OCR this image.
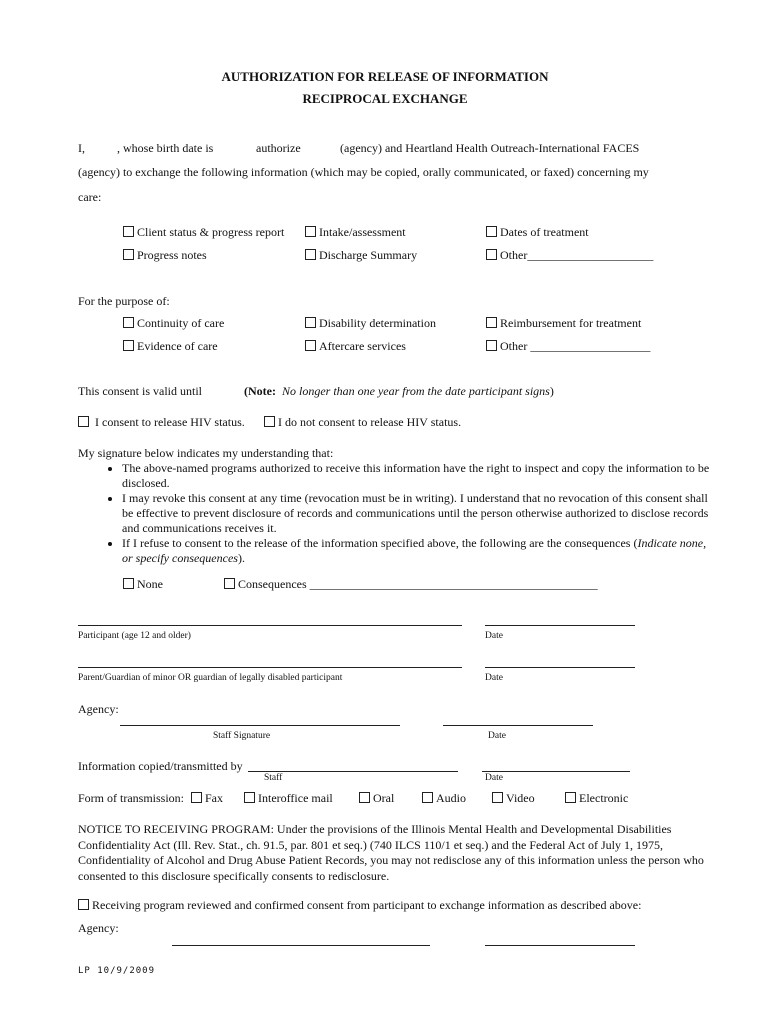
AUTHORIZATION FOR RELEASE OF INFORMATION
RECIPROCAL EXCHANGE
I,	, whose birth date is	authorize	(agency) and Heartland Health Outreach-International FACES
(agency) to exchange the following information (which may be copied, orally communicated, or faxed) concerning my
care:
Client status & progress report	Intake/assessment	Dates of treatment
Progress notes	Discharge Summary	Other_____________________
For the purpose of:
Continuity of care	Disability determination	Reimbursement for treatment
Evidence of care	Aftercare services	Other ____________________
This consent is valid until	(Note: No longer than one year from the date participant signs)
I consent to release HIV status.	I do not consent to release HIV status.
My signature below indicates my understanding that:
• The above-named programs authorized to receive this information have the right to inspect and copy the information to be disclosed.
• I may revoke this consent at any time (revocation must be in writing). I understand that no revocation of this consent shall be effective to prevent disclosure of records and communications until the person otherwise authorized to disclose records and communications receives it.
• If I refuse to consent to the release of the information specified above, the following are the consequences (Indicate none, or specify consequences).
None	Consequences ________________________________________________
Participant (age 12 and older)	Date
Parent/Guardian of minor OR guardian of legally disabled participant	Date
Agency:
Staff Signature	Date
Information copied/transmitted by
Staff	Date
Form of transmission:	Fax	Interoffice mail	Oral	Audio	Video	Electronic
NOTICE TO RECEIVING PROGRAM: Under the provisions of the Illinois Mental Health and Developmental Disabilities Confidentiality Act (Ill. Rev. Stat., ch. 91.5, par. 801 et seq.) (740 ILCS 110/1 et seq.) and the Federal Act of July 1, 1975, Confidentiality of Alcohol and Drug Abuse Patient Records, you may not redisclose any of this information unless the person who consented to this disclosure specifically consents to redisclosure.
Receiving program reviewed and confirmed consent from participant to exchange information as described above:
Agency:
LP 10/9/2009
